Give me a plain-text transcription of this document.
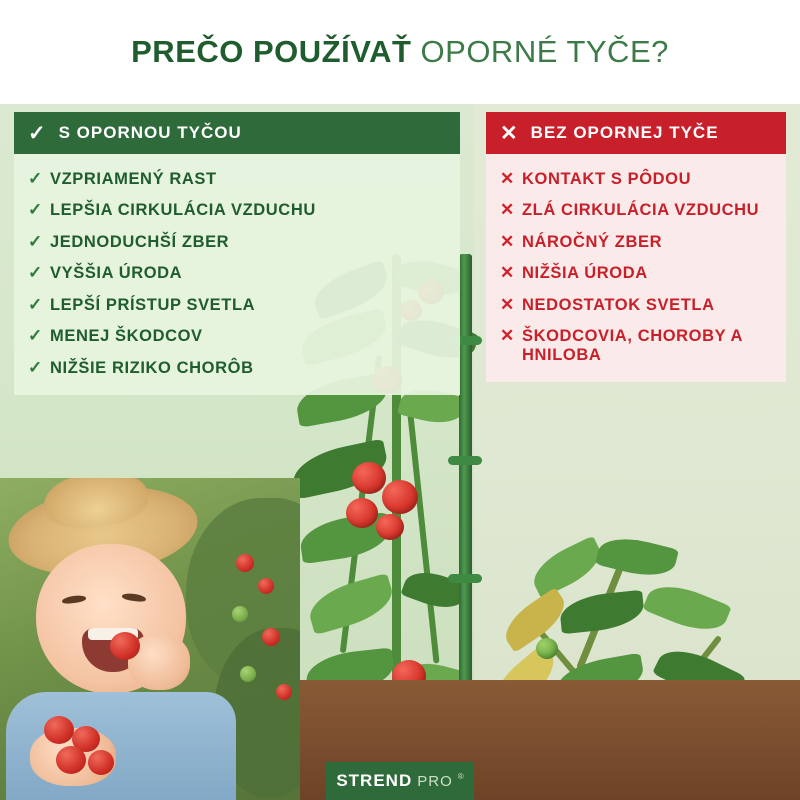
PREČO POUŽÍVAŤ OPORNÉ TYČE?
✓ S OPORNOU TYČOU
✓ VZPRIAMENÝ RAST
✓ LEPŠIA CIRKULÁCIA VZDUCHU
✓ JEDNODUCHŠÍ ZBER
✓ VYŠŠIA ÚRODA
✓ LEPŠÍ PRÍSTUP SVETLA
✓ MENEJ ŠKODCOV
✓ NIŽŠIE RIZIKO CHORÔB
✕ BEZ OPORNEJ TYČE
✕ KONTAKT S PÔDOU
✕ ZLÁ CIRKULÁCIA VZDUCHU
✕ NÁROČNÝ ZBER
✕ NIŽŠIA ÚRODA
✕ NEDOSTATOK SVETLA
✕ ŠKODCOVIA, CHOROBY A HNILOBA
STREND PRO ®
